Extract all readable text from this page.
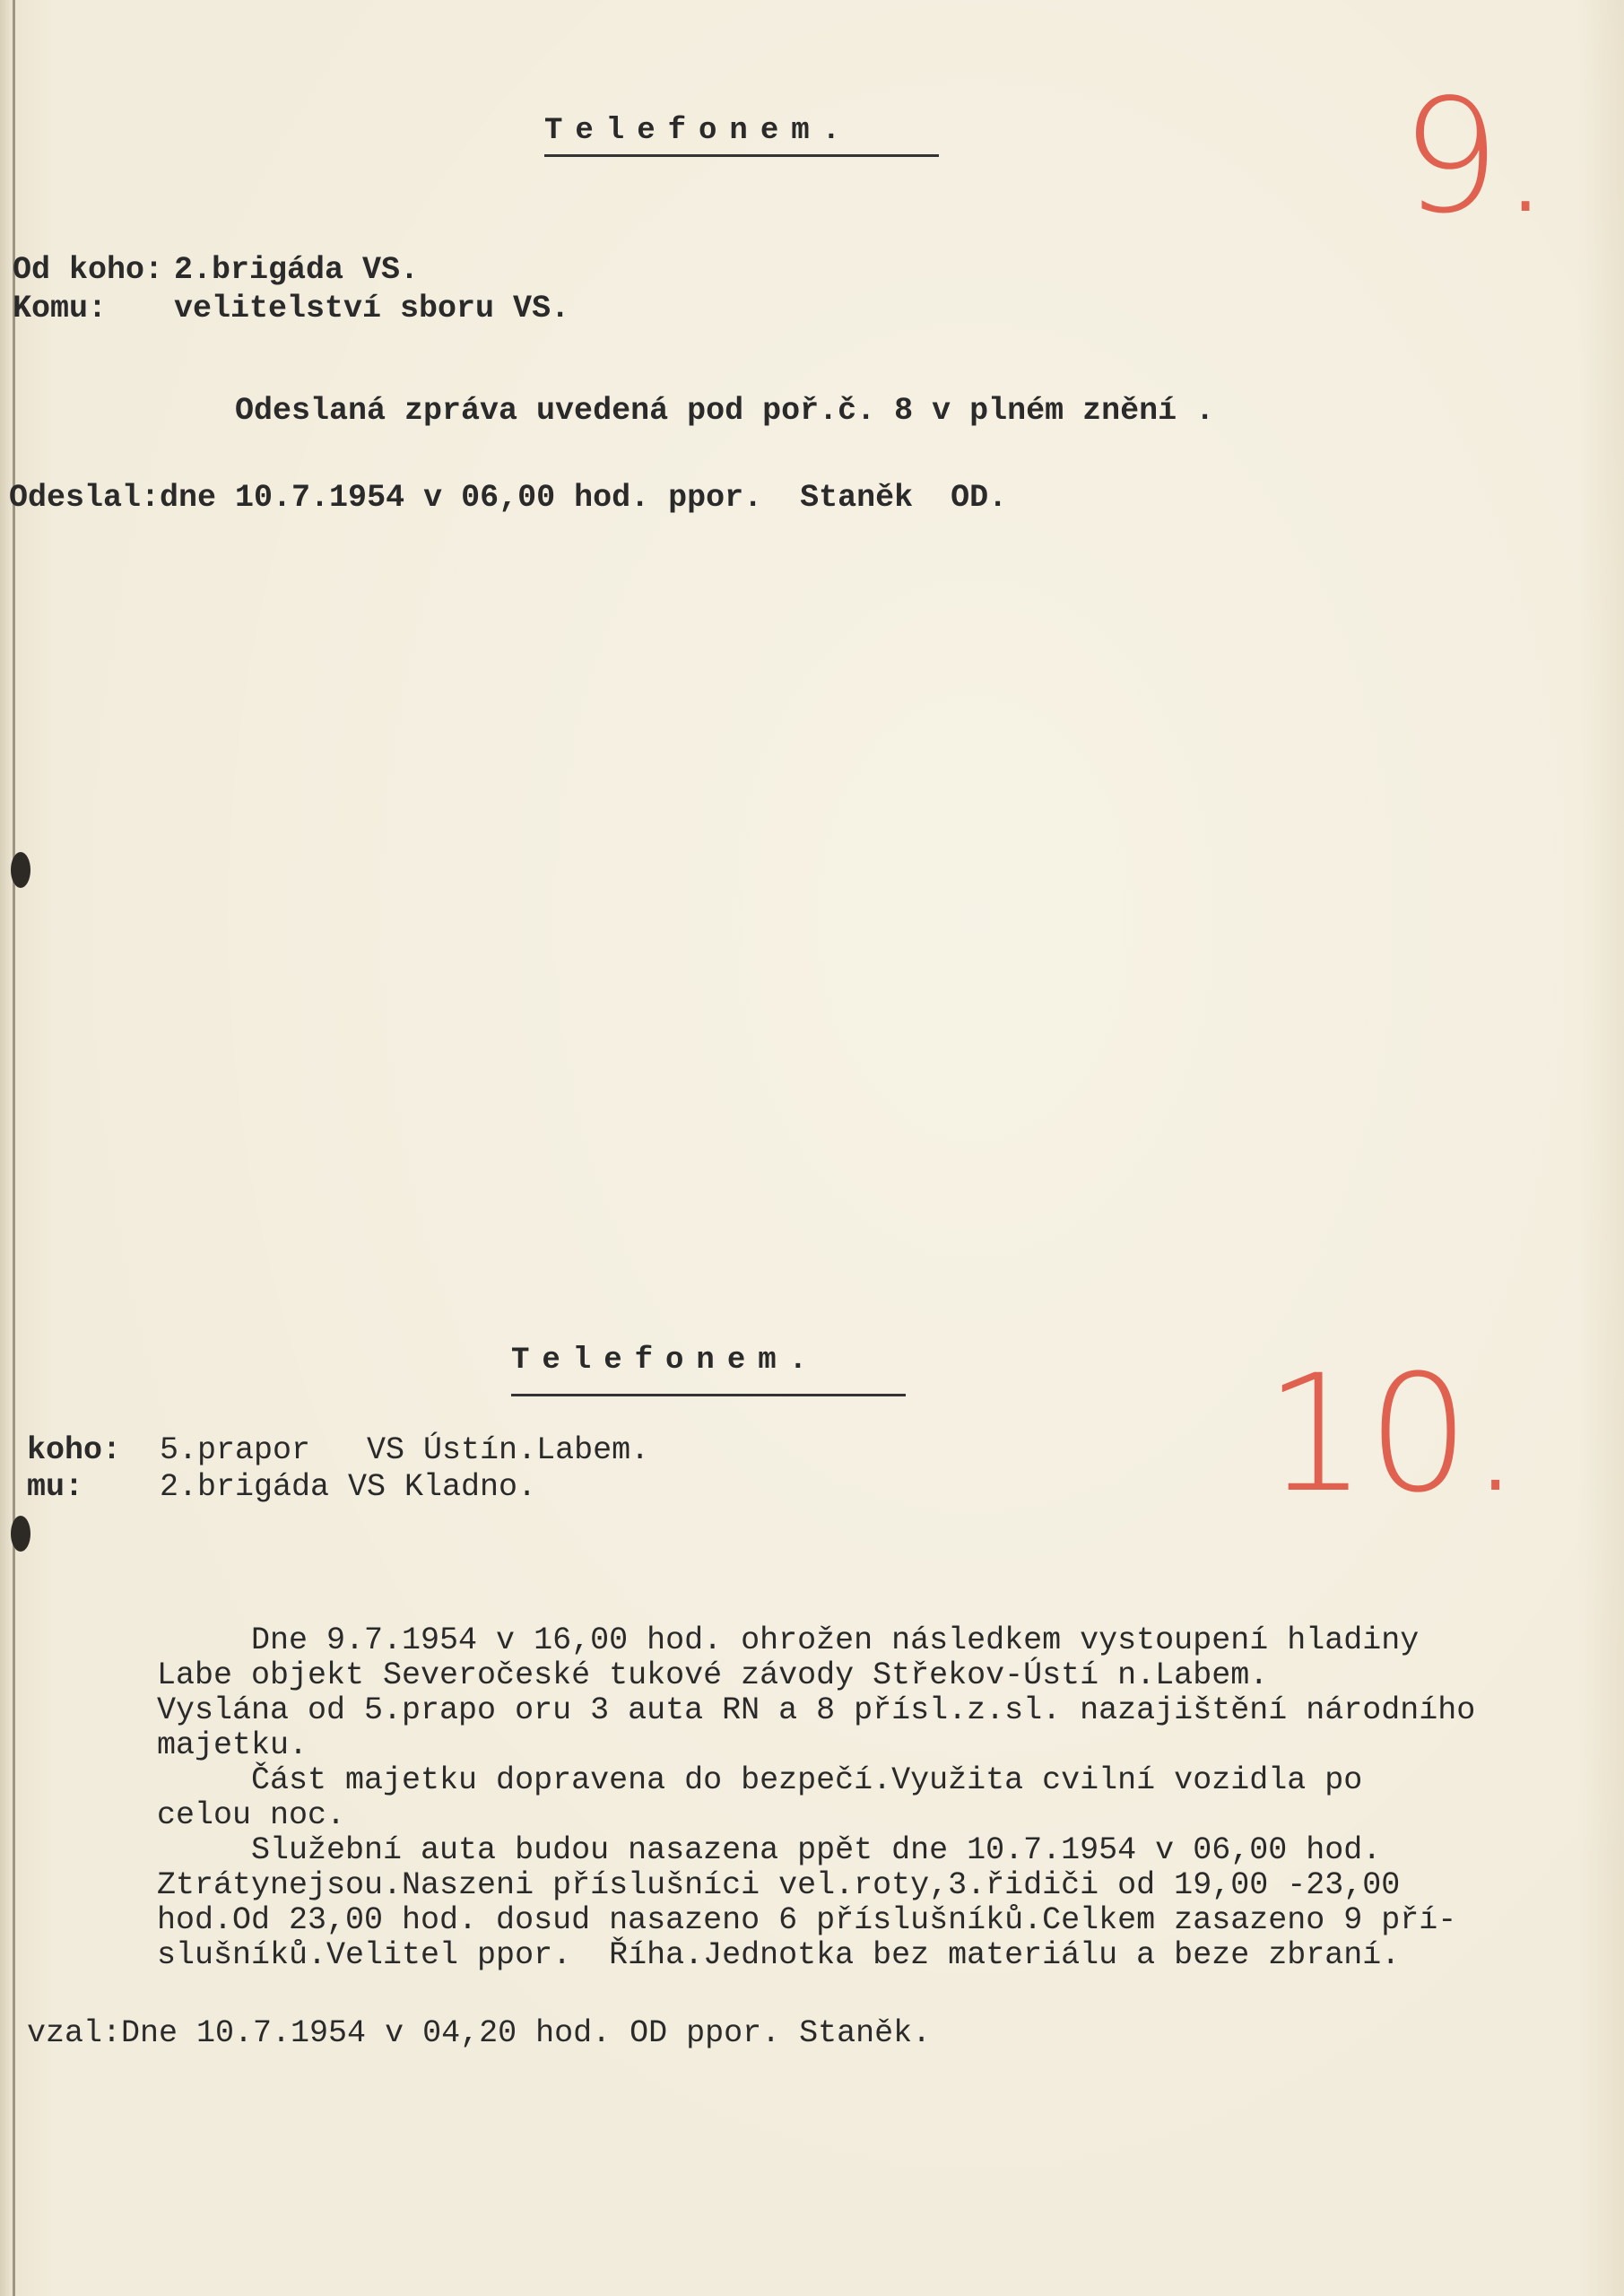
Telefonem.
Od koho: 2.brigáda VS.
Komu: velitelství sboru VS.
Odeslaná zpráva uvedená pod poř.č. 8 v plném znění .
Odeslal:dne 10.7.1954 v 06,00 hod. ppor.  Staněk  OD.
9.
Telefonem.
koho: 5.prapor   VS Ústín.Labem.
mu: 2.brigáda VS Kladno.	10.
Dne 9.7.1954 v 16,00 hod. ohrožen následkem vystoupení hladiny
Labe objekt Severočeské tukové závody Střekov-Ústí n.Labem.
Vyslána od 5.prapo oru 3 auta RN a 8 přísl.z.sl. nazajištění národního
majetku.
Část majetku dopravena do bezpečí.Využita cvilní vozidla po
celou noc.
Služební auta budou nasazena ppět dne 10.7.1954 v 06,00 hod.
Ztrátynejsou.Naszeni příslušníci vel.roty,3.řidiči od 19,00 -23,00
hod.Od 23,00 hod. dosud nasazeno 6 příslušníků.Celkem zasazeno 9 pří-
slušníků.Velitel ppor.  Říha.Jednotka bez materiálu a beze zbraní.
vzal:Dne 10.7.1954 v 04,20 hod. OD ppor. Staněk.
